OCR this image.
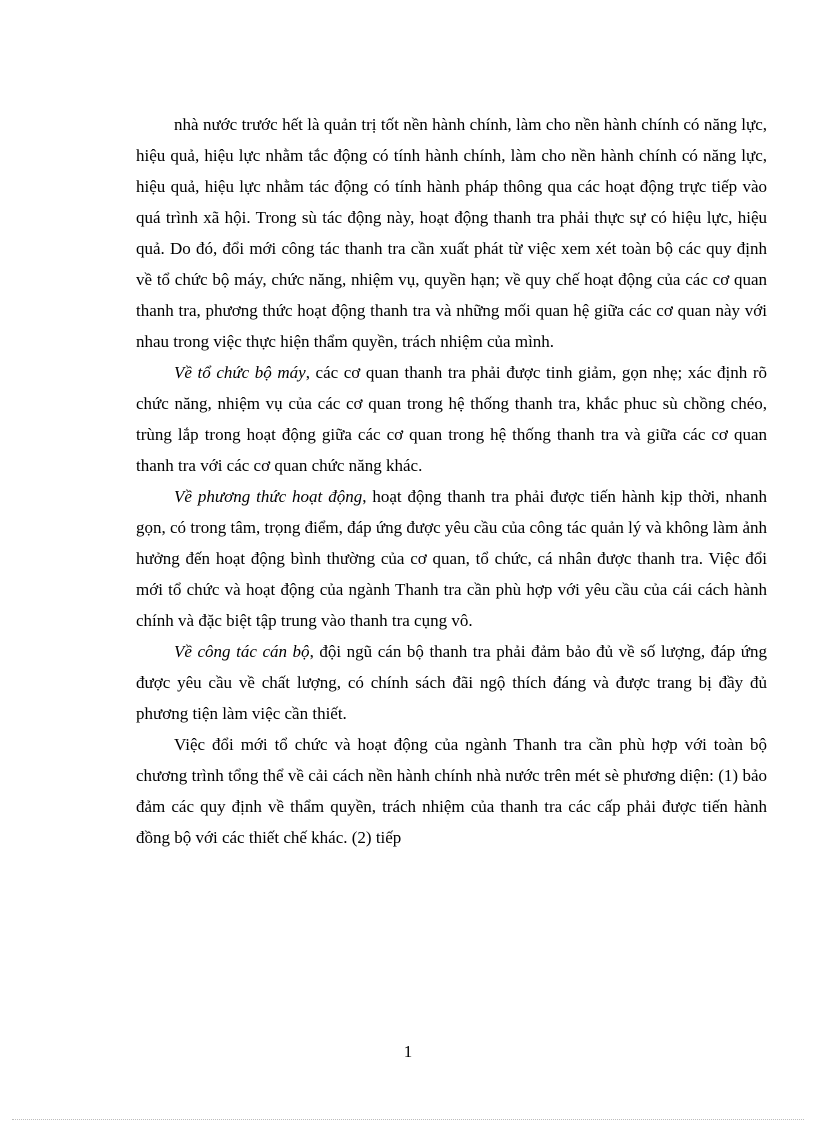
nhà nước trước hết là quản trị tốt nền hành chính, làm cho nền hành chính có năng lực, hiệu quả, hiệu lực nhằm tắc động có tính hành chính, làm cho nền hành chính có năng lực, hiệu quả, hiệu lực nhằm tác động có tính hành pháp thông qua các hoạt động trực tiếp vào quá trình xã hội. Trong sù tác động này, hoạt động thanh tra phải thực sự có hiệu lực, hiệu quả. Do đó, đổi mới công tác thanh tra cần xuất phát từ việc xem xét toàn bộ các quy định về tổ chức bộ máy, chức năng, nhiệm vụ, quyền hạn; về quy chế hoạt động của các cơ quan thanh tra, phương thức hoạt động thanh tra và những mối quan hệ giữa các cơ quan này với nhau trong việc thực hiện thẩm quyền, trách nhiệm của mình.

Về tổ chức bộ máy, các cơ quan thanh tra phải được tinh giảm, gọn nhẹ; xác định rõ chức năng, nhiệm vụ của các cơ quan trong hệ thống thanh tra, khắc phuc sù chồng chéo, trùng lắp trong hoạt động giữa các cơ quan trong hệ thống thanh tra và giữa các cơ quan thanh tra với các cơ quan chức năng khác.

Về phương thức hoạt động, hoạt động thanh tra phải được tiến hành kịp thời, nhanh gọn, có trong tâm, trọng điểm, đáp ứng được yêu cầu của công tác quản lý và không làm ảnh hưởng đến hoạt động bình thường của cơ quan, tổ chức, cá nhân được thanh tra. Việc đổi mới tổ chức và hoạt động của ngành Thanh tra cần phù hợp với yêu cầu của cái cách hành chính và đặc biệt tập trung vào thanh tra cụng vô.

Về công tác cán bộ, đội ngũ cán bộ thanh tra phải đảm bảo đủ về số lượng, đáp ứng được yêu cầu về chất lượng, có chính sách đãi ngộ thích đáng và được trang bị đầy đủ phương tiện làm việc cần thiết.

Việc đổi mới tổ chức và hoạt động của ngành Thanh tra cần phù hợp với toàn bộ chương trình tổng thể về cải cách nền hành chính nhà nước trên mét sè phương diện: (1) bảo đảm các quy định về thẩm quyền, trách nhiệm của thanh tra các cấp phải được tiến hành đồng bộ với các thiết chế khác. (2) tiếp

1
